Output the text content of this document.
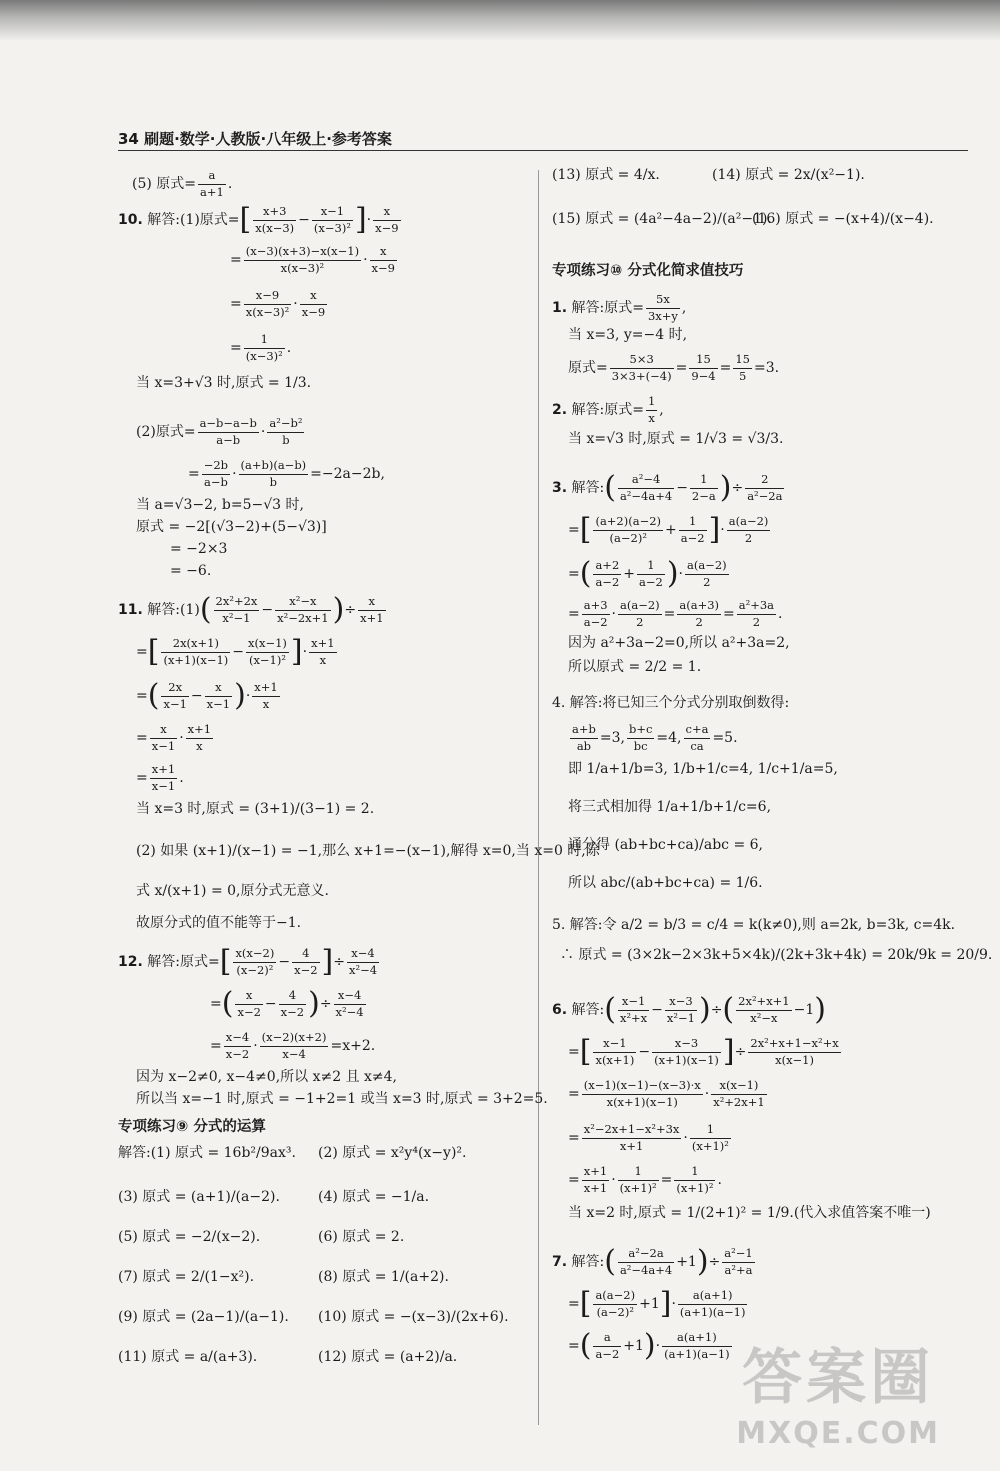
34 刷题·数学·人教版·八年级上·参考答案
(5) 原式= $\frac{a}{a+1}$ .
10. 解答:(1)原式=[ $\frac{x+3}{x(x-3)} - \frac{x-1}{\text{(x−3)²}}$ ]· $\frac{x}{x-9}$
= $\frac{(x-3)(x+3)-x(x-1)}{\text{x(x−3)²}} \cdot \frac{x}{x-9}$
= $\frac{x-9}{\text{x(x−3)²}} \cdot \frac{x}{x-9}$
= $\frac{1}{\text{(x−3)²}}$ .
当 x=3+√3 时,原式 = 1/3.
(2)原式= $\frac{a-b-a-b}{a-b} \cdot \frac{\text{a²−b²}}{b}$
= $\frac{-2b}{a-b} \cdot \frac{(a+b)(a-b)}{b} =-2a-2b$,
当 a=√3−2, b=5−√3 时,
原式 = −2[(√3−2)+(5−√3)]
= −2×3
= −6.
11. 解答:(1)( $\frac{\text{2x²+2x}}{\text{x²−1}} - \frac{\text{x²−x}}{\text{x²−2x+1}}$ )÷ $\frac{x}{x+1}$
=[ $\frac{2x(x+1)}{(x+1)(x-1)} - \frac{x(x-1)}{\text{(x−1)²}}$ ]· $\frac{x+1}{x}$
=( $\frac{2x}{x-1} - \frac{x}{x-1}$ )· $\frac{x+1}{x}$
= $\frac{x}{x-1} \cdot \frac{x+1}{x}$
= $\frac{x+1}{x-1}$ .
当 x=3 时,原式 = (3+1)/(3−1) = 2.
(2) 如果 (x+1)/(x−1) = −1,那么 x+1=−(x−1),解得 x=0,当 x=0 时,除
式 x/(x+1) = 0,原分式无意义.
故原分式的值不能等于−1.
12. 解答:原式=[ $\frac{x(x-2)}{\text{(x−2)²}} - \frac{4}{x-2}$ ]÷ $\frac{x-4}{\text{x²−4}}$
=( $\frac{x}{x-2} - \frac{4}{x-2}$ )÷ $\frac{x-4}{\text{x²−4}}$
= $\frac{x-4}{x-2} \cdot \frac{(x-2)(x+2)}{x-4} =x+2$.
因为 x−2≠0, x−4≠0,所以 x≠2 且 x≠4,
所以当 x=−1 时,原式 = −1+2=1 或当 x=3 时,原式 = 3+2=5.
专项练习⑨ 分式的运算
解答:(1) 原式 = 16b²/9ax³.	(2) 原式 = x²y⁴(x−y)².
(3) 原式 = (a+1)/(a−2).	(4) 原式 = −1/a.
(5) 原式 = −2/(x−2).	(6) 原式 = 2.
(7) 原式 = 2/(1−x²).	(8) 原式 = 1/(a+2).
(9) 原式 = (2a−1)/(a−1).	(10) 原式 = −(x−3)/(2x+6).
(11) 原式 = a/(a+3).	(12) 原式 = (a+2)/a.
(13) 原式 = 4/x.	(14) 原式 = 2x/(x²−1).
(15) 原式 = (4a²−4a−2)/(a²−1).
(16) 原式 = −(x+4)/(x−4).
专项练习⑩ 分式化简求值技巧
1. 解答:原式= $\frac{5x}{3x+y}$ ,
当 x=3, y=−4 时,
原式= $\frac{5\times 3}{3\times 3+(-4)} = \frac{15}{9-4} = \frac{15}{5} =3$.
2. 解答:原式= $\frac{1}{x}$ ,
当 x=√3 时,原式 = 1/√3 = √3/3.
3. 解答:( $\frac{\text{a²−4}}{\text{a²−4a+4}} - \frac{1}{2-a}$ )÷ $\frac{2}{\text{a²−2a}}$
=[ $\frac{(a+2)(a-2)}{\text{(a−2)²}} + \frac{1}{a-2}$ ]· $\frac{a(a-2)}{2}$
=( $\frac{a+2}{a-2} + \frac{1}{a-2}$ )· $\frac{a(a-2)}{2}$
= $\frac{a+3}{a-2} \cdot \frac{a(a-2)}{2} = \frac{a(a+3)}{2} = \frac{\text{a²+3a}}{2}$ .
因为 a²+3a−2=0,所以 a²+3a=2,
所以原式 = 2/2 = 1.
4. 解答:将已知三个分式分别取倒数得:
$\frac{a+b}{ab} =3$, $\frac{b+c}{bc} =4$, $\frac{c+a}{ca} =5$.
即 1/a+1/b=3, 1/b+1/c=4, 1/c+1/a=5,
将三式相加得 1/a+1/b+1/c=6,
通分得 (ab+bc+ca)/abc = 6,
所以 abc/(ab+bc+ca) = 1/6.
5. 解答:令 a/2 = b/3 = c/4 = k(k≠0),则 a=2k, b=3k, c=4k.
∴ 原式 = (3×2k−2×3k+5×4k)/(2k+3k+4k) = 20k/9k = 20/9.
6. 解答:( $\frac{x-1}{\text{x²+x}} - \frac{x-3}{\text{x²−1}}$ )÷( $\frac{\text{2x²+x+1}}{\text{x²−x}} -1$)
=[ $\frac{x-1}{x(x+1)} - \frac{x-3}{(x+1)(x-1)}$ ]÷ $\frac{\text{2x²+x+1−x²+x}}{x(x-1)}$
= $\frac{(x-1)(x-1)-(x-3)\cdot x}{x(x+1)(x-1)} \cdot \frac{x(x-1)}{\text{x²+2x+1}}$
= $\frac{\text{x²−2x+1−x²+3x}}{x+1} \cdot \frac{1}{\text{(x+1)²}}$
= $\frac{x+1}{x+1} \cdot \frac{1}{\text{(x+1)²}} = \frac{1}{\text{(x+1)²}}$ .
当 x=2 时,原式 = 1/(2+1)² = 1/9.(代入求值答案不唯一)
7. 解答:( $\frac{\text{a²−2a}}{\text{a²−4a+4}} +1)\div \frac{\text{a²−1}}{\text{a²+a}}$
=[ $\frac{a(a-2)}{\text{(a−2)²}} +1]\cdot \frac{a(a+1)}{(a+1)(a-1)}$
=( $\frac{a}{a-2} +1)\cdot \frac{a(a+1)}{(a+1)(a-1)}$ 答案圈
MXQE.COM
